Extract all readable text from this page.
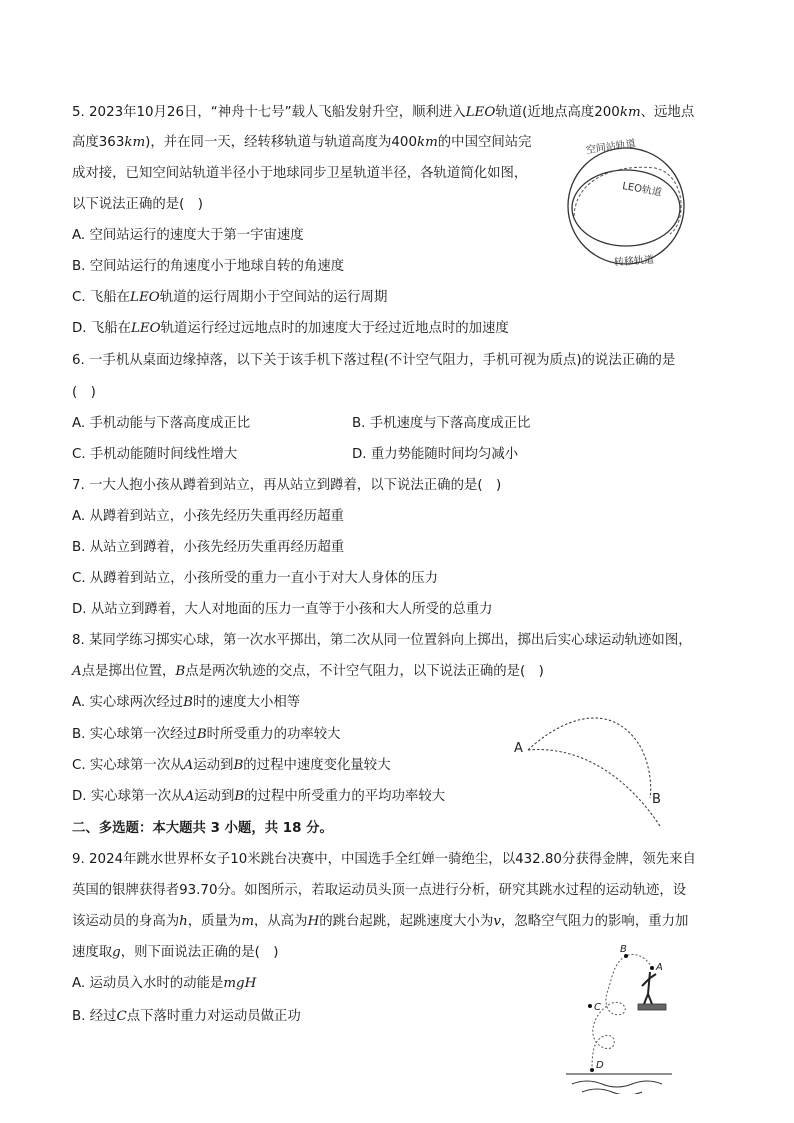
5. 2023年10月26日，“神舟十七号”载人飞船发射升空，顺利进入LEO轨道(近地点高度200km、远地点
高度363km)，并在同一天，经转移轨道与轨道高度为400km的中国空间站完
成对接，已知空间站轨道半径小于地球同步卫星轨道半径，各轨道简化如图，
以下说法正确的是(　)
A. 空间站运行的速度大于第一宇宙速度
B. 空间站运行的角速度小于地球自转的角速度
C. 飞船在LEO轨道的运行周期小于空间站的运行周期
D. 飞船在LEO轨道运行经过远地点时的加速度大于经过近地点时的加速度
空间站轨道
LEO轨道
转移轨道
6. 一手机从桌面边缘掉落，以下关于该手机下落过程(不计空气阻力，手机可视为质点)的说法正确的是
(　)
A. 手机动能与下落高度成正比	B. 手机速度与下落高度成正比
C. 手机动能随时间线性增大	D. 重力势能随时间均匀减小
7. 一大人抱小孩从蹲着到站立，再从站立到蹲着，以下说法正确的是(　)
A. 从蹲着到站立，小孩先经历失重再经历超重
B. 从站立到蹲着，小孩先经历失重再经历超重
C. 从蹲着到站立，小孩所受的重力一直小于对大人身体的压力
D. 从站立到蹲着，大人对地面的压力一直等于小孩和大人所受的总重力
8. 某同学练习掷实心球，第一次水平掷出，第二次从同一位置斜向上掷出，掷出后实心球运动轨迹如图，
A点是掷出位置，B点是两次轨迹的交点，不计空气阻力，以下说法正确的是(　)
A. 实心球两次经过B时的速度大小相等
B. 实心球第一次经过B时所受重力的功率较大
C. 实心球第一次从A运动到B的过程中速度变化量较大
D. 实心球第一次从A运动到B的过程中所受重力的平均功率较大
A
B
二、多选题：本大题共 3 小题，共 18 分。
9. 2024年跳水世界杯女子10米跳台决赛中，中国选手全红婵一骑绝尘，以432.80分获得金牌，领先来自
英国的银牌获得者93.70分。如图所示，若取运动员头顶一点进行分析，研究其跳水过程的运动轨迹，设
该运动员的身高为h，质量为m，从高为H的跳台起跳，起跳速度大小为v，忽略空气阻力的影响，重力加
速度取g，则下面说法正确的是(　)
A. 运动员入水时的动能是mgH
B. 经过C点下落时重力对运动员做正功
B
A
C
D
